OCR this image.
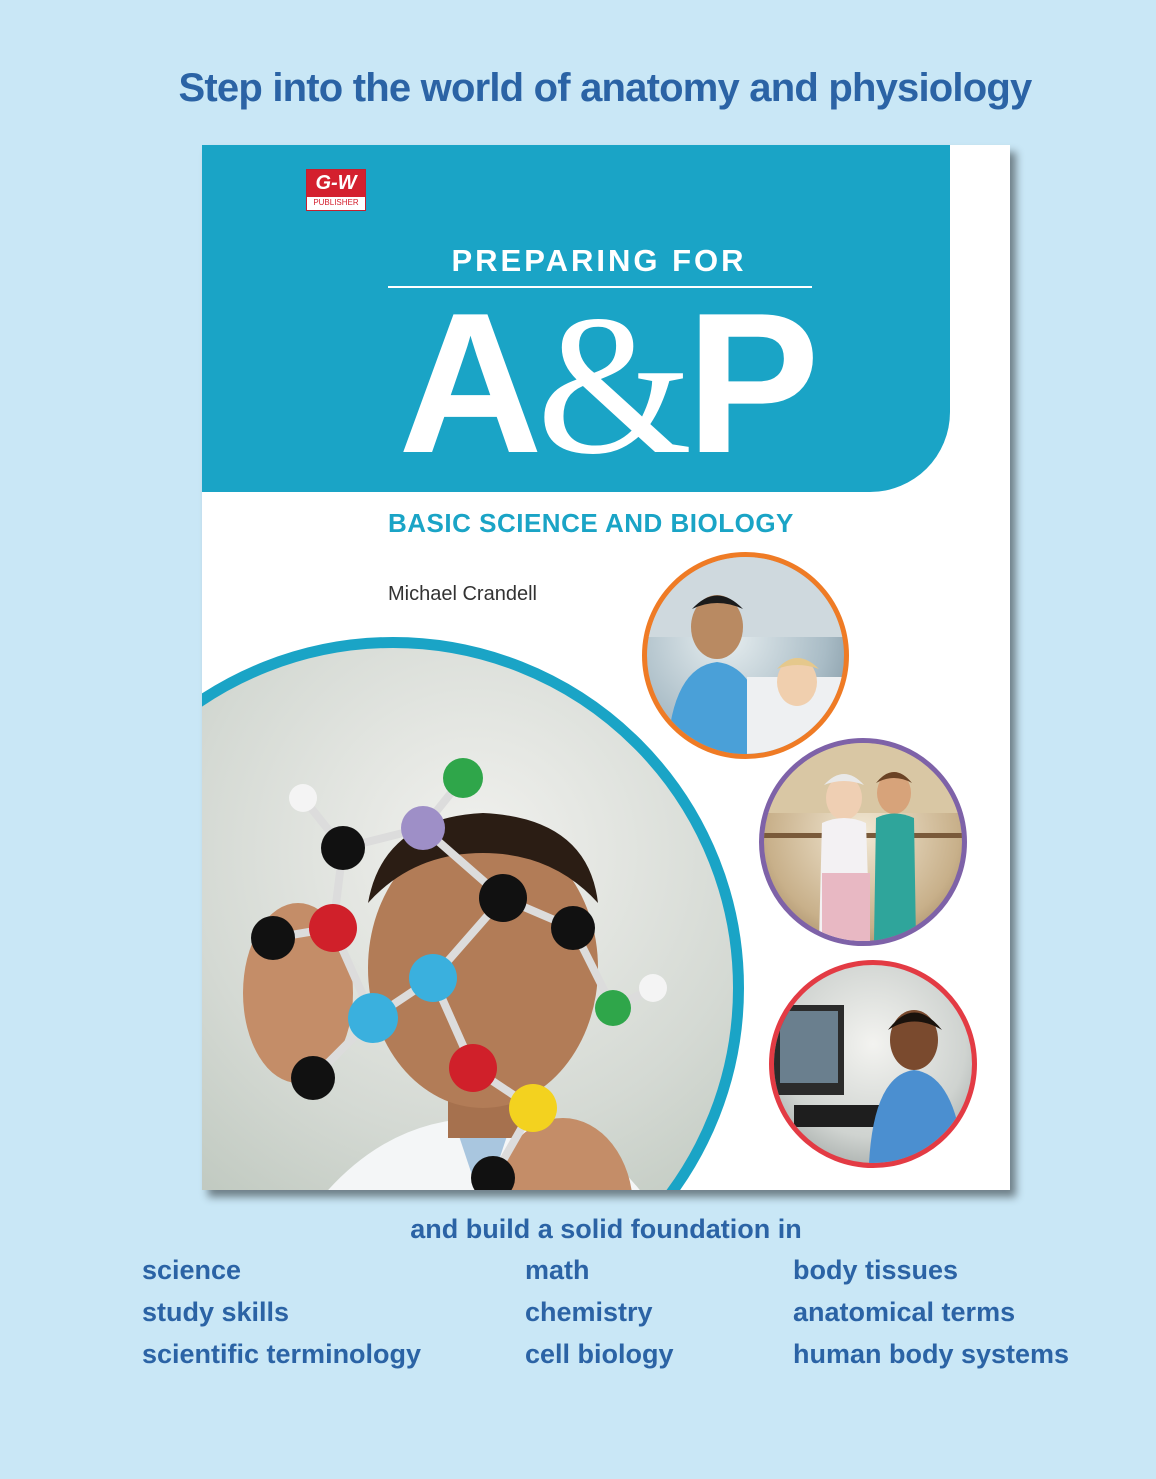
Step into the world of anatomy and physiology
G-W
PUBLISHER
PREPARING FOR
A&P
BASIC SCIENCE AND BIOLOGY
Michael Crandell
and build a solid foundation in
science
study skills
scientific terminology
math
chemistry
cell biology
body tissues
anatomical terms
human body systems
